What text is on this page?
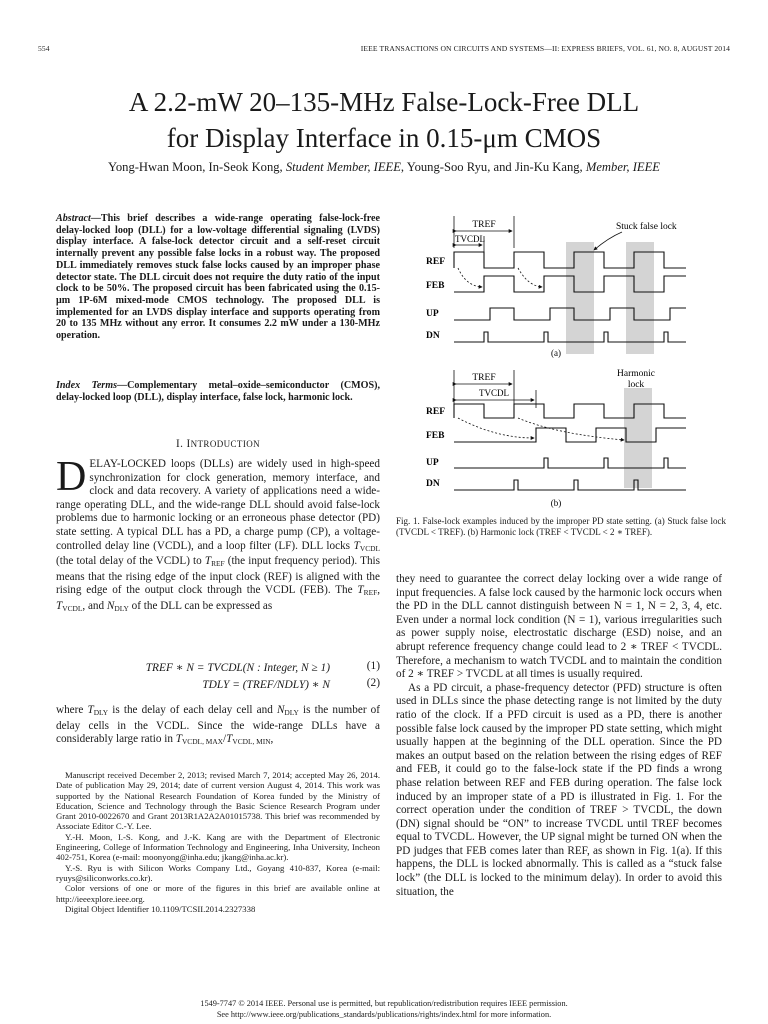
554	IEEE TRANSACTIONS ON CIRCUITS AND SYSTEMS—II: EXPRESS BRIEFS, VOL. 61, NO. 8, AUGUST 2014
A 2.2-mW 20–135-MHz False-Lock-Free DLL
for Display Interface in 0.15-μm CMOS
Yong-Hwan Moon, In-Seok Kong, Student Member, IEEE, Young-Soo Ryu, and Jin-Ku Kang, Member, IEEE
Abstract—This brief describes a wide-range operating false-lock-free delay-locked loop (DLL) for a low-voltage differential signaling (LVDS) display interface. A false-lock detector circuit and a self-reset circuit internally prevent any possible false locks in a robust way. The proposed DLL immediately removes stuck false locks caused by an improper phase detector state. The DLL circuit does not require the duty ratio of the input clock to be 50%. The proposed circuit has been fabricated using the 0.15-μm 1P-6M mixed-mode CMOS technology. The proposed DLL is implemented for an LVDS display interface and supports operating from 20 to 135 MHz without any error. It consumes 2.2 mW under a 130-MHz operation.
Index Terms—Complementary metal–oxide–semiconductor (CMOS), delay-locked loop (DLL), display interface, false lock, harmonic lock.
I. INTRODUCTION
DELAY-LOCKED loops (DLLs) are widely used in high-speed synchronization for clock generation, memory interface, and clock and data recovery. A variety of applications need a wide-range operating DLL, and the wide-range DLL should avoid false-lock problems due to harmonic locking or an erroneous phase detector (PD) state setting. A typical DLL has a PD, a charge pump (CP), a voltage-controlled delay line (VCDL), and a loop filter (LF). DLL locks $T_{VCDL}$ (the total delay of the VCDL) to $T_{REF}$ (the input frequency period). This means that the rising edge of the input clock (REF) is aligned with the rising edge of the output clock through the VCDL (FEB). The $T_{REF}$, $T_{VCDL}$, and $N_{DLY}$ of the DLL can be expressed as
TREF ∗ N = TVCDL(N : Integer, N ≥ 1)	(1)
TDLY = (TREF/NDLY) ∗ N	(2)
where $T_{DLY}$ is the delay of each delay cell and $N_{DLY}$ is the number of delay cells in the VCDL. Since the wide-range DLLs have a considerably large ratio in $T_{VCDL, MAX}/T_{VCDL, MIN}$,

Manuscript received December 2, 2013; revised March 7, 2014; accepted May 26, 2014. Date of publication May 29, 2014; date of current version August 4, 2014. This work was supported by the National Research Foundation of Korea funded by the Ministry of Education, Science and Technology through the Basic Science Research Program under Grant 2010-0022670 and Grant 2013R1A2A2A01015738. This brief was recommended by Associate Editor C.-Y. Lee.

Y.-H. Moon, I.-S. Kong, and J.-K. Kang are with the Department of Electronic Engineering, College of Information Technology and Engineering, Inha University, Incheon 402-751, Korea (e-mail: moonyong@inha.edu; jkang@inha.ac.kr).

Y.-S. Ryu is with Silicon Works Company Ltd., Goyang 410-837, Korea (e-mail: ryuys@siliconworks.co.kr).

Color versions of one or more of the figures in this brief are available online at http://ieeexplore.ieee.org.

Digital Object Identifier 10.1109/TCSII.2014.2327338

TREF
TVCDL
Stuck false lock
REF
FEB
UP
DN
(a)
Harmonic
lock
TREF
TVCDL
REF
FEB
UP
DN
(b)
Fig. 1. False-lock examples induced by the improper PD state setting. (a) Stuck false lock (TVCDL < TREF). (b) Harmonic lock (TREF < TVCDL < 2 ∗ TREF).

they need to guarantee the correct delay locking over a wide range of input frequencies. A false lock caused by the harmonic lock occurs when the PD in the DLL cannot distinguish between N = 1, N = 2, 3, 4, etc. Even under a normal lock condition (N = 1), various irregularities such as power supply noise, electrostatic discharge (ESD) noise, and an abrupt reference frequency change could lead to 2 ∗ TREF < TVCDL. Therefore, a mechanism to watch TVCDL and to maintain the condition of 2 ∗ TREF > TVCDL at all times is usually required.

As a PD circuit, a phase-frequency detector (PFD) structure is often used in DLLs since the phase detecting range is not limited by the duty ratio of the clock. If a PFD circuit is used as a PD, there is another possible false lock caused by the improper PD state setting, which might usually happen at the beginning of the DLL operation. Since the PD makes an output based on the relation between the rising edges of REF and FEB, it could go to the false-lock state if the PD finds a wrong phase relation between REF and FEB during operation. The false lock induced by an improper state of a PD is illustrated in Fig. 1. For the correct operation under the condition of TREF > TVCDL, the down (DN) signal should be “ON” to increase TVCDL until TREF becomes equal to TVCDL. However, the UP signal might be turned ON when the PD judges that FEB comes later than REF, as shown in Fig. 1(a). If this happens, the DLL is locked abnormally. This is called as a “stuck false lock” (the DLL is locked to the minimum delay). In order to avoid this situation, the

1549-7747 © 2014 IEEE. Personal use is permitted, but republication/redistribution requires IEEE permission.
See http://www.ieee.org/publications_standards/publications/rights/index.html for more information.
